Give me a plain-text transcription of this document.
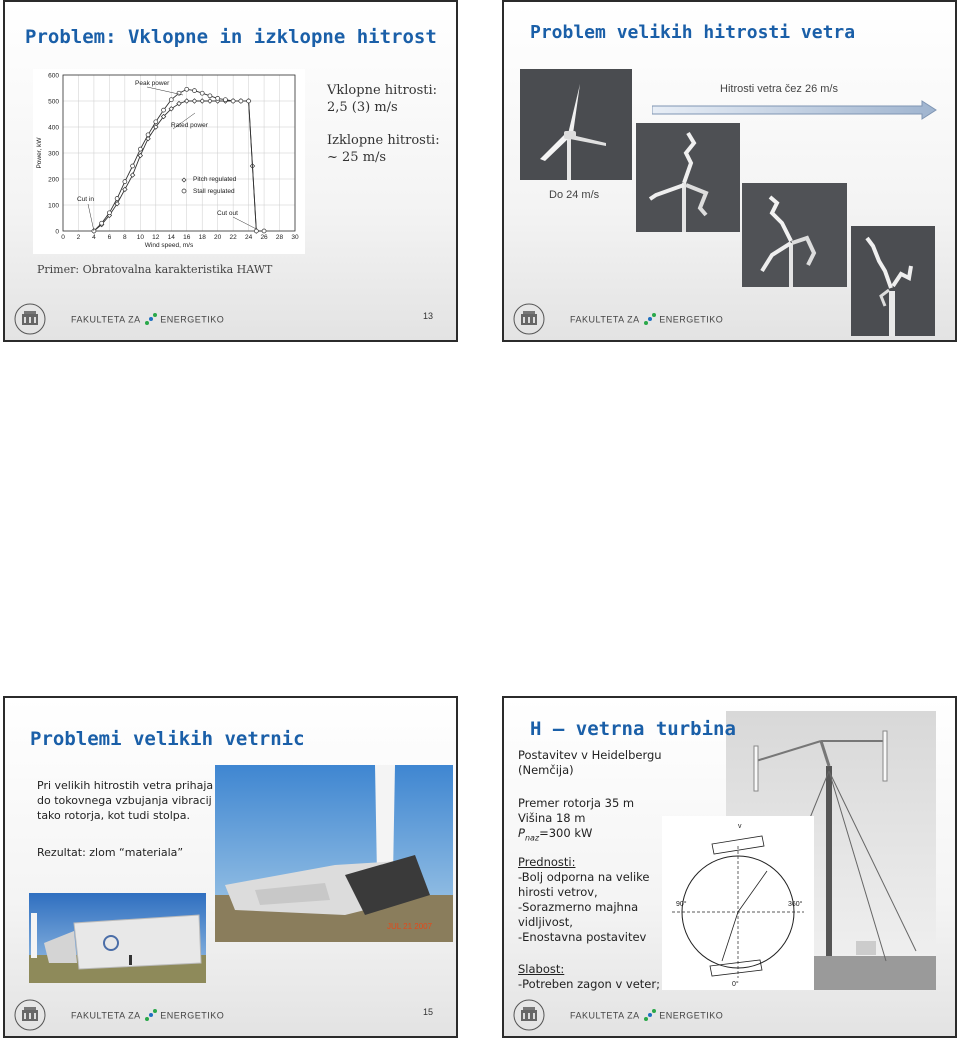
Problem: Vklopne in izklopne hitrost
0
100
200
300
400
500
600
0 2 4 6 8 10 12 14 16 18 20 22 24 26 28 30
Wind speed, m/s
Power, kW
Peak power
Rated power
Pitch regulated
Stall regulated
Cut in
Cut out
Vklopne hitrosti:
2,5 (3) m/s
Izklopne hitrosti:
~ 25 m/s
Primer: Obratovalna karakteristika HAWT
FAKULTETA ZA ENERGETIKO	13
Problem velikih hitrosti vetra
Hitrosti vetra čez 26 m/s
Do 24 m/s
FAKULTETA ZA ENERGETIKO
Problemi velikih vetrnic
Pri velikih hitrostih vetra prihaja do tokovnega vzbujanja vibracij tako rotorja, kot tudi stolpa.
Rezultat: zlom “materiala”
JUL 21 2007
FAKULTETA ZA ENERGETIKO	15
v
90°	360°
0°
H – vetrna turbina
Postavitev v Heidelbergu (Nemčija)
Premer rotorja 35 m
Višina 18 m
$P_{naz}=300$ kW
Prednosti:
-Bolj odporna na velike hirosti vetrov,
-Sorazmerno majhna vidljivost,
-Enostavna postavitev
Slabost:
-Potreben zagon v veter;
FAKULTETA ZA ENERGETIKO
